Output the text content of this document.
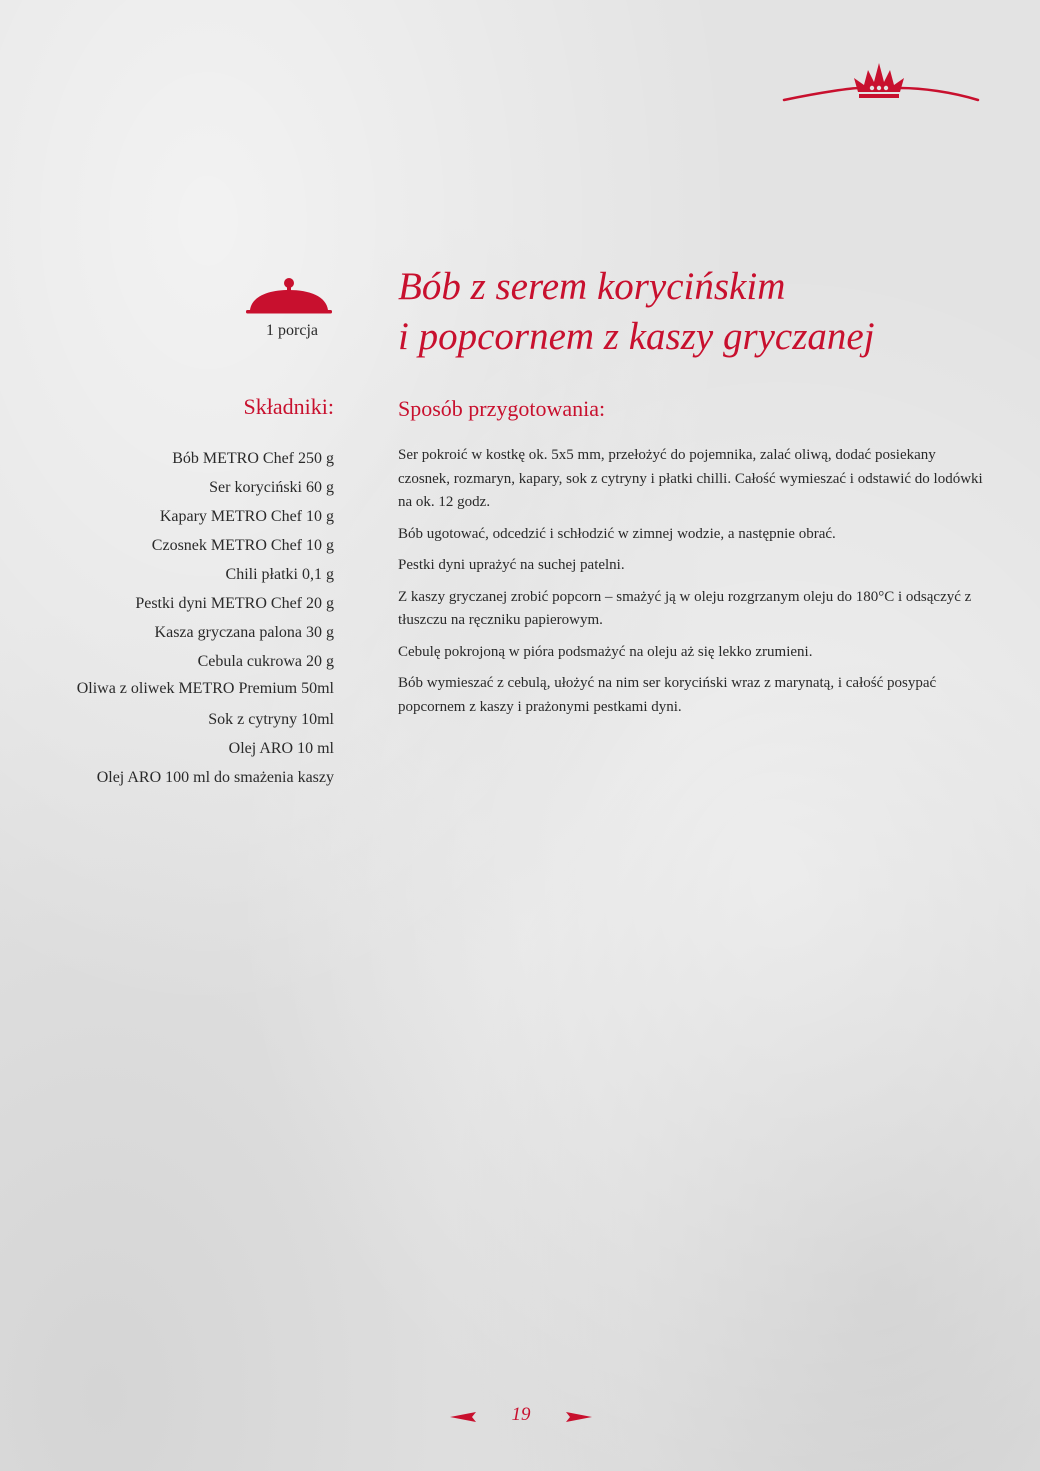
1 porcja
Bób z serem korycińskim
i popcornem z kaszy gryczanej
Składniki:
Bób METRO Chef 250 g
Ser koryciński 60 g
Kapary METRO Chef 10 g
Czosnek METRO Chef 10 g
Chili płatki 0,1 g
Pestki dyni METRO Chef 20 g
Kasza gryczana palona 30 g
Cebula cukrowa 20 g
Oliwa z oliwek METRO Premium 50ml
Sok z cytryny 10ml
Olej ARO 10 ml
Olej ARO 100 ml do smażenia kaszy
Sposób przygotowania:

Ser pokroić w kostkę ok. 5x5 mm, przełożyć do pojemnika, zalać oliwą, dodać posiekany czosnek, rozmaryn, kapary, sok z cytryny i płatki chilli. Całość wymieszać i odstawić do lodówki na ok. 12 godz.

Bób ugotować, odcedzić i schłodzić w zimnej wodzie, a następnie obrać.

Pestki dyni uprażyć na suchej patelni.

Z kaszy gryczanej zrobić popcorn – smażyć ją w oleju rozgrzanym oleju do 180°C i odsączyć z tłuszczu na ręczniku papierowym.

Cebulę pokrojoną w pióra podsmażyć na oleju aż się lekko zrumieni.

Bób wymieszać z cebulą, ułożyć na nim ser koryciński wraz z marynatą, i całość posypać popcornem z kaszy i prażonymi pestkami dyni.

19
